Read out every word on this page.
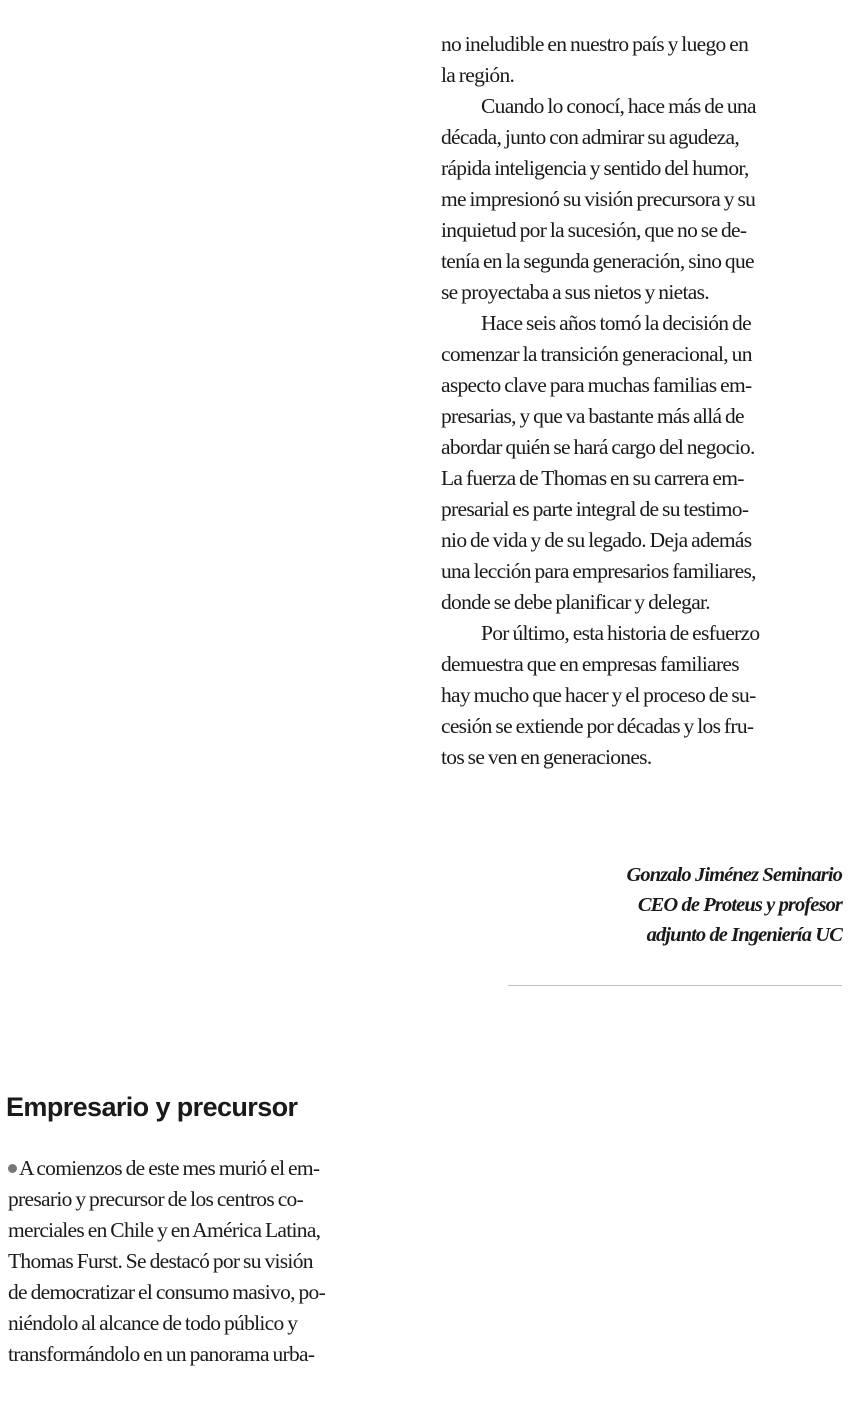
no ineludible en nuestro país y luego en
la región.
Cuando lo conocí, hace más de una
década, junto con admirar su agudeza,
rápida inteligencia y sentido del humor,
me impresionó su visión precursora y su
inquietud por la sucesión, que no se de-
tenía en la segunda generación, sino que
se proyectaba a sus nietos y nietas.
Hace seis años tomó la decisión de
comenzar la transición generacional, un
aspecto clave para muchas familias em-
presarias, y que va bastante más allá de
abordar quién se hará cargo del negocio.
La fuerza de Thomas en su carrera em-
presarial es parte integral de su testimo-
nio de vida y de su legado. Deja además
una lección para empresarios familiares,
donde se debe planificar y delegar.
Por último, esta historia de esfuerzo
demuestra que en empresas familiares
hay mucho que hacer y el proceso de su-
cesión se extiende por décadas y los fru-
tos se ven en generaciones.
Gonzalo Jiménez Seminario
CEO de Proteus y profesor
adjunto de Ingeniería UC
Empresario y precursor
A comienzos de este mes murió el em-
presario y precursor de los centros co-
merciales en Chile y en América Latina,
Thomas Furst. Se destacó por su visión
de democratizar el consumo masivo, po-
niéndolo al alcance de todo público y
transformándolo en un panorama urba-
